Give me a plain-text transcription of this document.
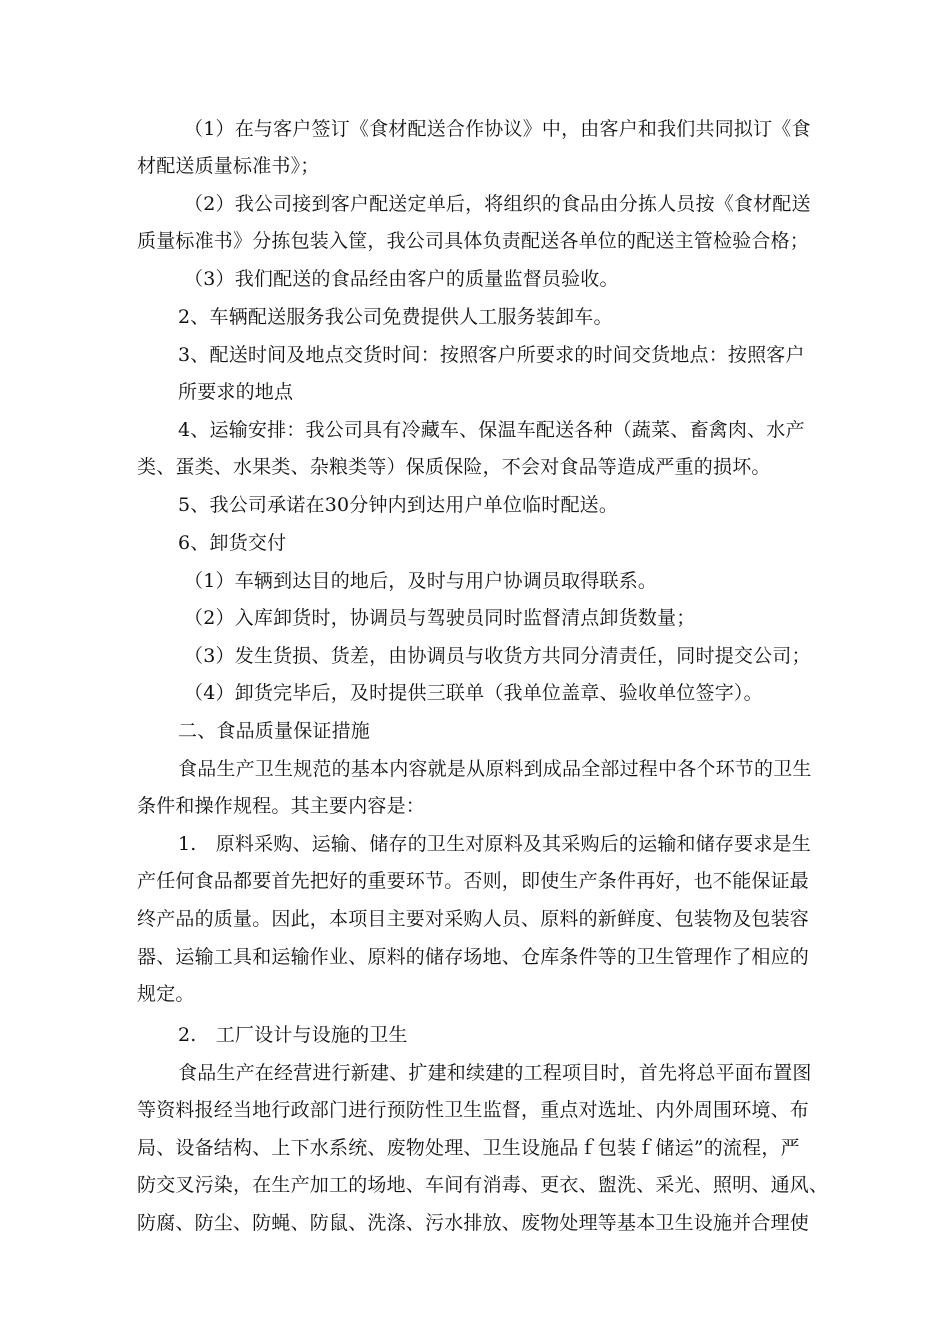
（1）在与客户签订《食材配送合作协议》中，由客户和我们共同拟订《食
材配送质量标准书》；
（2）我公司接到客户配送定单后，将组织的食品由分拣人员按《食材配送
质量标准书》分拣包装入筐，我公司具体负责配送各单位的配送主管检验合格；
（3）我们配送的食品经由客户的质量监督员验收。
2、车辆配送服务我公司免费提供人工服务装卸车。
3、配送时间及地点交货时间：按照客户所要求的时间交货地点：按照客户
所要求的地点
4、运输安排：我公司具有冷藏车、保温车配送各种（蔬菜、畜禽肉、水产
类、蛋类、水果类、杂粮类等）保质保险，不会对食品等造成严重的损坏。
5、我公司承诺在30分钟内到达用户单位临时配送。
6、卸货交付
（1）车辆到达目的地后，及时与用户协调员取得联系。
（2）入库卸货时，协调员与驾驶员同时监督清点卸货数量；
（3）发生货损、货差，由协调员与收货方共同分清责任，同时提交公司；
（4）卸货完毕后，及时提供三联单（我单位盖章、验收单位签字）。
二、食品质量保证措施
食品生产卫生规范的基本内容就是从原料到成品全部过程中各个环节的卫生
条件和操作规程。其主要内容是：
1.　原料采购、运输、储存的卫生对原料及其采购后的运输和储存要求是生
产任何食品都要首先把好的重要环节。否则，即使生产条件再好，也不能保证最
终产品的质量。因此，本项目主要对采购人员、原料的新鲜度、包装物及包装容
器、运输工具和运输作业、原料的储存场地、仓库条件等的卫生管理作了相应的
规定。
2.　工厂设计与设施的卫生
食品生产在经营进行新建、扩建和续建的工程项目时，首先将总平面布置图
等资料报经当地行政部门进行预防性卫生监督，重点对选址、内外周围环境、布
局、设备结构、上下水系统、废物处理、卫生设施品ｆ包装ｆ储运”的流程，严
防交叉污染，在生产加工的场地、车间有消毒、更衣、盥洗、采光、照明、通风、
防腐、防尘、防蝇、防鼠、洗涤、污水排放、废物处理等基本卫生设施并合理使
